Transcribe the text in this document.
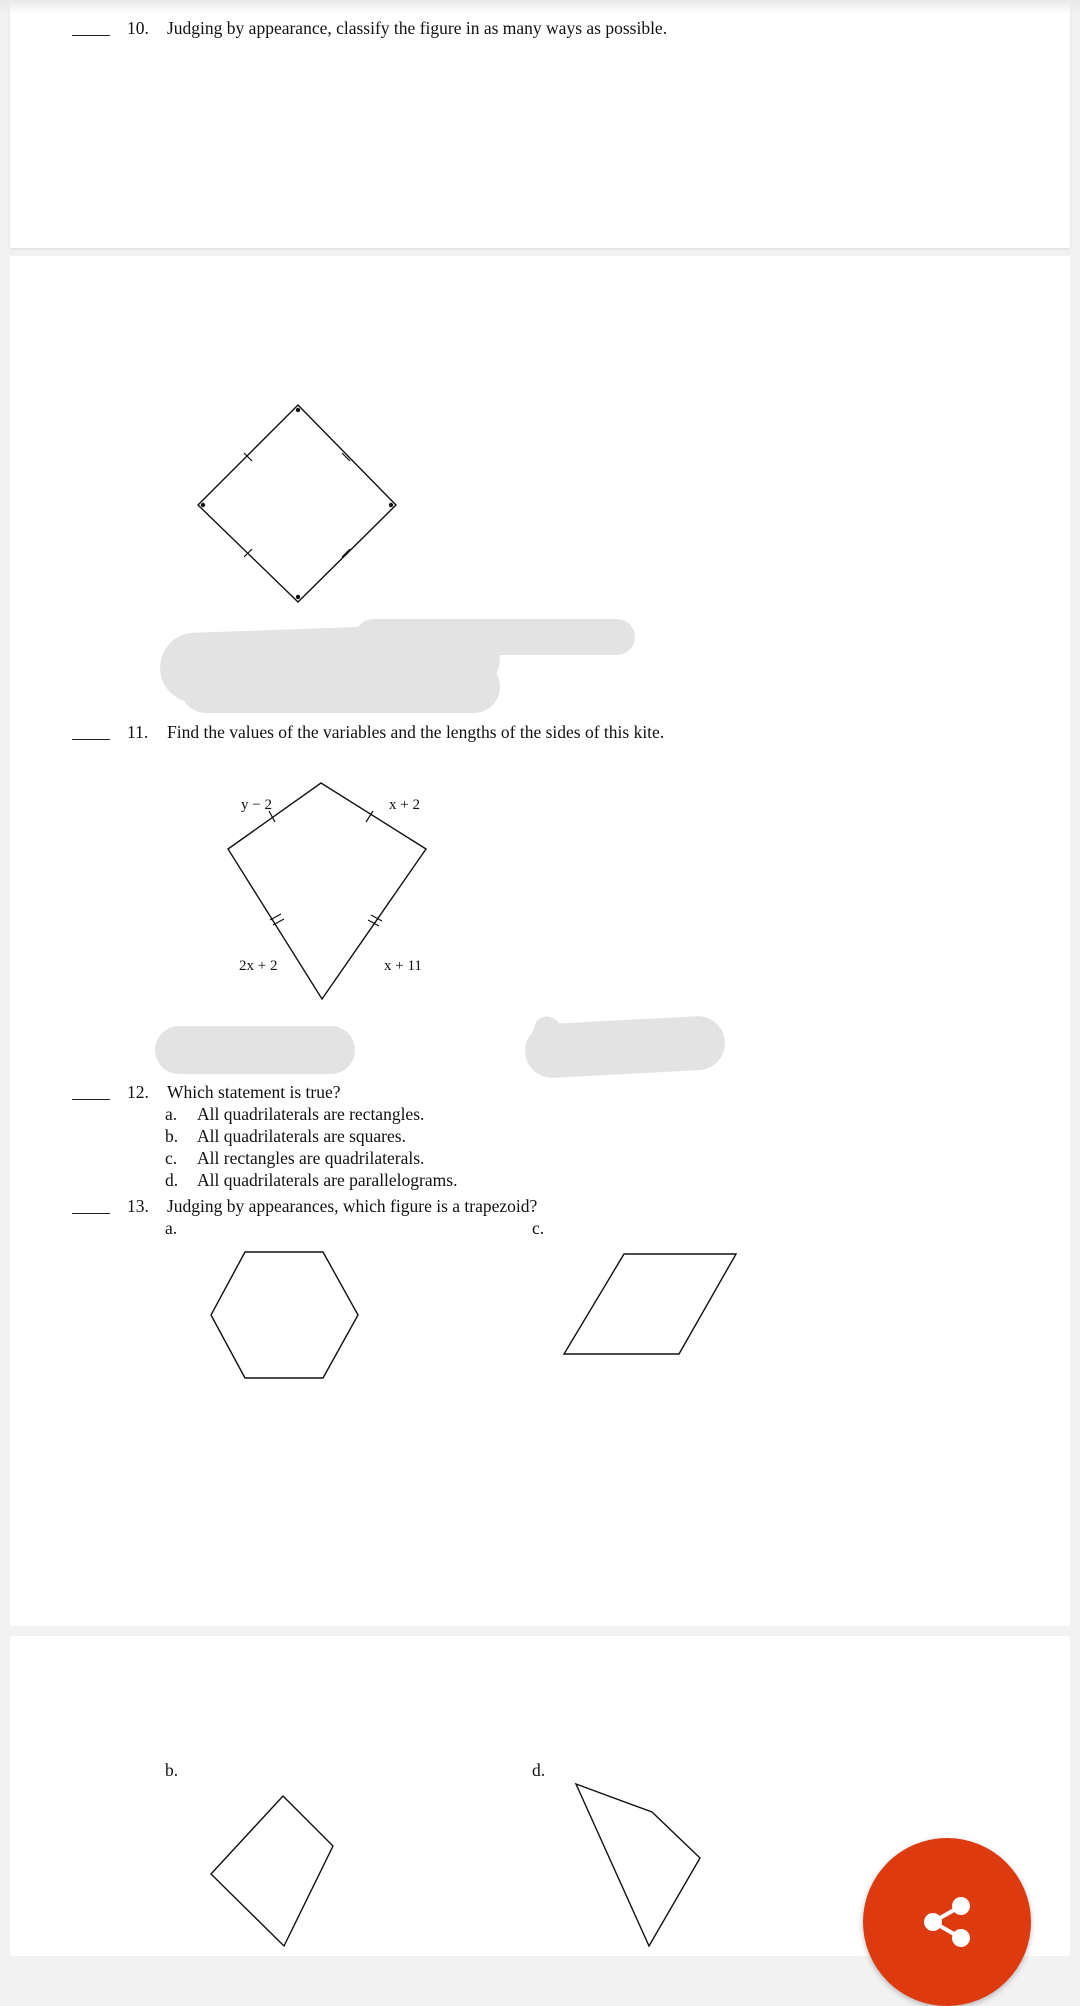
10. Judging by appearance, classify the figure in as many ways as possible.
11. Find the values of the variables and the lengths of the sides of this kite.
y − 2	x + 2
2x + 2	x + 11
12. Which statement is true?
a. All quadrilaterals are rectangles.
b. All quadrilaterals are squares.
c. All rectangles are quadrilaterals.
d. All quadrilaterals are parallelograms.
13. Judging by appearances, which figure is a trapezoid?
a.	c.
b.	d.
